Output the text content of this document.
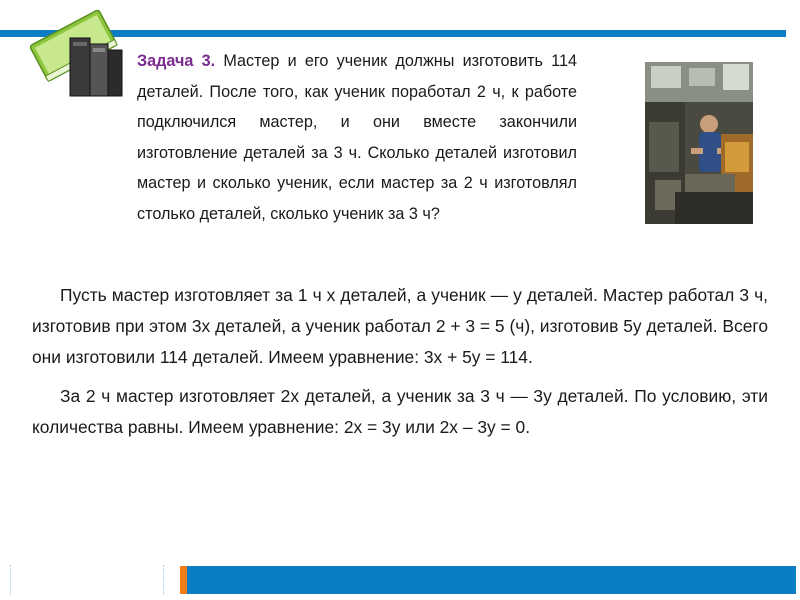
Задача 3. Мастер и его ученик должны изготовить 114 деталей. После того, как ученик поработал 2 ч, к работе подключился мастер, и они вместе закончили изготовление деталей за 3 ч. Сколько деталей изготовил мастер и сколько ученик, если мастер за 2 ч изготовлял столько деталей, сколько ученик за 3 ч?

Пусть мастер изготовляет за 1 ч х деталей, а ученик — у деталей. Мастер работал 3 ч, изготовив при этом 3х деталей, а ученик работал 2 + 3 = 5 (ч), изготовив 5у деталей. Всего они изготовили 114 деталей. Имеем уравнение: 3х + 5у = 114.

За 2 ч мастер изготовляет 2х деталей, а ученик за 3 ч — 3у деталей. По условию, эти количества равны. Имеем уравнение: 2х = 3у или 2х – 3у = 0.
